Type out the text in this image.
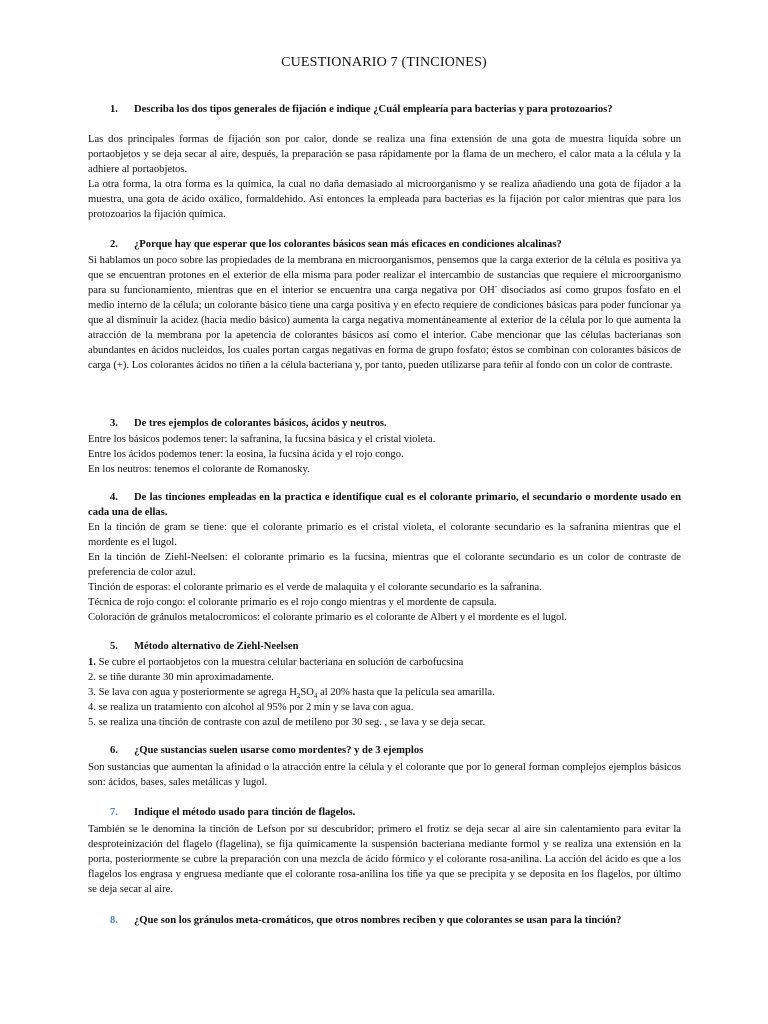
CUESTIONARIO 7 (TINCIONES)
1.	Describa los dos tipos generales de fijación e indique ¿Cuál emplearía para bacterias y para protozoarios?

Las dos principales formas de fijación son por calor, donde se realiza una fina extensión de una gota de muestra liquida sobre un portaobjetos y se deja secar al aire, después, la preparación se pasa rápidamente por la flama de un mechero, el calor mata a la célula y la adhiere al portaobjetos.

La otra forma, la otra forma es la química, la cual no daña demasiado al microorganismo y se realiza añadiendo una gota de fijador a la muestra, una gota de ácido oxálico, formaldehido. Así entonces la empleada para bacterias es la fijación por calor mientras que para los protozoarios la fijación química.

2. ¿Porque hay que esperar que los colorantes básicos sean más eficaces en condiciones alcalinas?

Si hablamos un poco sobre las propiedades de la membrana en microorganismos, pensemos que la carga exterior de la célula es positiva ya que se encuentran protones en el exterior de ella misma para poder realizar el intercambio de sustancias que requiere el microorganismo para su funcionamiento, mientras que en el interior se encuentra una carga negativa por OH- disociados así como grupos fosfato en el medio interno de la célula; un colorante básico tiene una carga positiva y en efecto requiere de condiciones básicas para poder funcionar ya que al disminuir la acidez (hacia medio básico) aumenta la carga negativa momentáneamente al exterior de la célula por lo que aumenta la atracción de la membrana por la apetencia de colorantes básicos así como el interior. Cabe mencionar que las células bacterianas son abundantes en ácidos nucleídos, los cuales portan cargas negativas en forma de grupo fosfato; éstos se combinan con colorantes básicos de carga (+). Los colorantes ácidos no tiñen a la célula bacteriana y, por tanto, pueden utilizarse para teñir al fondo con un color de contraste.

3. De tres ejemplos de colorantes básicos, ácidos y neutros.

Entre los básicos podemos tener: la safranina, la fucsina básica y el cristal violeta.

Entre los ácidos podemos tener: la eosina, la fucsina ácida y el rojo congo.

En los neutros: tenemos el colorante de Romanosky.

4.	De las tinciones empleadas en la practica e identifique cual es el colorante primario, el secundario o mordente usado en cada una de ellas.

En la tinción de gram se tiene: que el colorante primario es el cristal violeta, el colorante secundario es la safranina mientras que el mordente es el lugol.

En la tinción de Ziehl-Neelsen: el colorante primario es la fucsina, mientras que el colorante secundario es un color de contraste de preferencia de color azul.

Tinción de esporas: el colorante primario es el verde de malaquita y el colorante secundario es la safranina.

Técnica de rojo congo: el colorante primario es el rojo congo mientras y el mordente de capsula.

Coloración de gránulos metalocromicos: el colorante primario es el colorante de Albert y el mordente es el lugol.

5. Método alternativo de Ziehl-Neelsen

1. Se cubre el portaobjetos con la muestra celular bacteriana en solución de carbofucsina

2. se tiñe durante 30 min aproximadamente.

3. Se lava con agua y posteriormente se agrega $H_2SO_4$ al 20% hasta que la película sea amarilla.

4. se realiza un tratamiento con alcohol al 95% por 2 min y se lava con agua.

5. se realiza una tinción de contraste con azul de metileno por 30 seg. , se lava y se deja secar.

6. ¿Que sustancias suelen usarse como mordentes? y de 3 ejemplos

Son sustancias que aumentan la afinidad o la atracción entre la célula y el colorante que por lo general forman complejos ejemplos básicos son: ácidos, bases, sales metálicas y lugol.

7. Indique el método usado para tinción de flagelos.

También se le denomina la tinción de Lefson por su descubridor; primero el frotiz se deja secar al aire sin calentamiento para evitar la desproteinización del flagelo (flagelina), se fija químicamente la suspensión bacteriana mediante formol y se realiza una extensión en la porta, posteriormente se cubre la preparación con una mezcla de ácido fórmico y el colorante rosa-anilina. La acción del ácido es que a los flagelos los engrasa y engruesa mediante que el colorante rosa-anilina los tiñe ya que se precipita y se deposita en los flagelos, por último se deja secar al aire.

8. ¿Que son los gránulos meta-cromáticos, que otros nombres reciben y que colorantes se usan para la tinción?
